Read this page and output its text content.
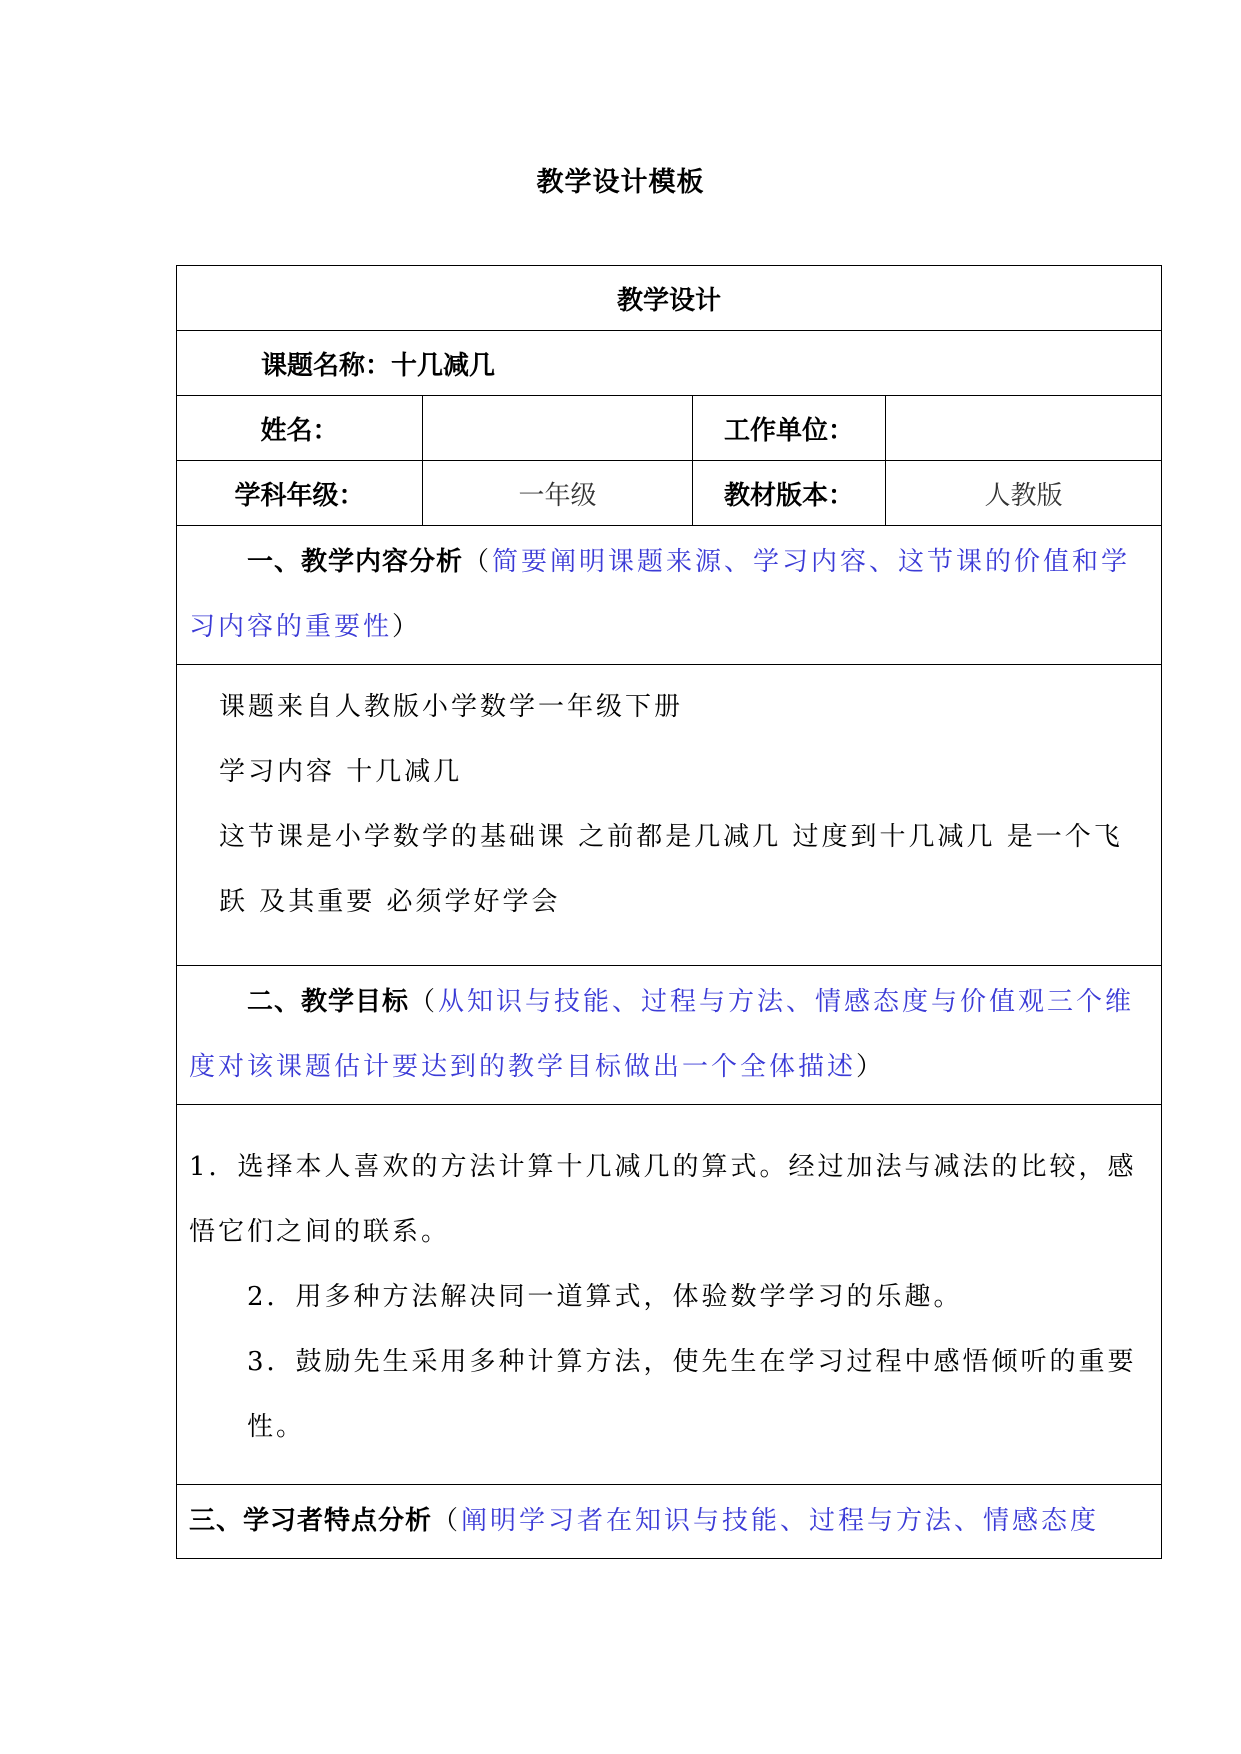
教学设计模板
教学设计			
课题名称：十几减几			
姓名：		工作单位：	
学科年级：	一年级	教材版本：	人教版
一、教学内容分析（简要阐明课题来源、学习内容、这节课的价值和学习内容的重要性）			

课题来自人教版小学数学一年级下册

学习内容 十几减几

这节课是小学数学的基础课 之前都是几减几 过度到十几减几 是一个飞跃 及其重要 必须学好学会			

二、教学目标（从知识与技能、过程与方法、情感态度与价值观三个维度对该课题估计要达到的教学目标做出一个全体描述）			

1．选择本人喜欢的方法计算十几减几的算式。经过加法与减法的比较，感悟它们之间的联系。

2．用多种方法解决同一道算式，体验数学学习的乐趣。

3．鼓励先生采用多种计算方法，使先生在学习过程中感悟倾听的重要性。			

三、学习者特点分析（阐明学习者在知识与技能、过程与方法、情感态度			
